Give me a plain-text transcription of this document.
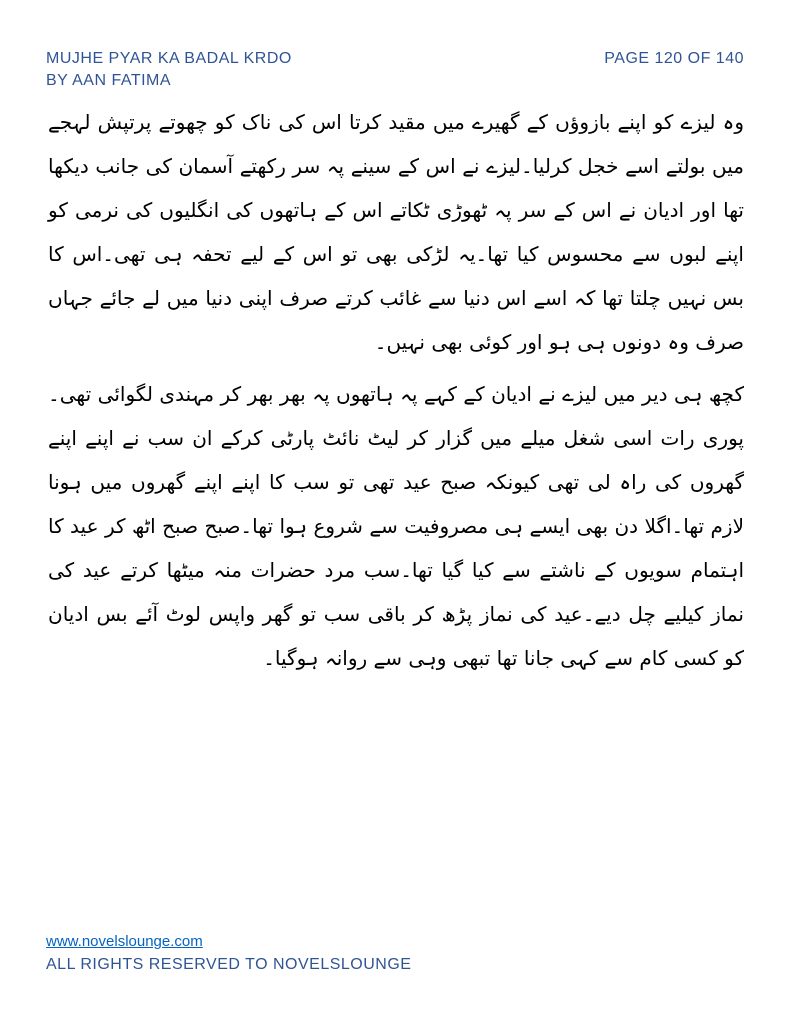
MUJHE PYAR KA BADAL KRDO
BY AAN FATIMA
PAGE 120 OF 140

وہ لیزے کو اپنے بازوؤں کے گھیرے میں مقید کرتا اس کی ناک کو چھوتے پرتپش لہجے میں بولتے اسے خجل کرلیا۔لیزے نے اس کے سینے پہ سر رکھتے آسمان کی جانب دیکھا تھا اور ادیان نے اس کے سر پہ ٹھوڑی ٹکاتے اس کے ہاتھوں کی انگلیوں کی نرمی کو اپنے لبوں سے محسوس کیا تھا۔یہ لڑکی بھی تو اس کے لیے تحفہ ہی تھی۔اس کا بس نہیں چلتا تھا کہ اسے اس دنیا سے غائب کرتے صرف اپنی دنیا میں لے جائے جہاں صرف وہ دونوں ہی ہو اور کوئی بھی نہیں۔

کچھ ہی دیر میں لیزے نے ادیان کے کہے پہ ہاتھوں پہ بھر بھر کر مہندی لگوائی تھی۔پوری رات اسی شغل میلے میں گزار کر لیٹ نائٹ پارٹی کرکے ان سب نے اپنے اپنے گھروں کی راہ لی تھی کیونکہ صبح عید تھی تو سب کا اپنے اپنے گھروں میں ہونا لازم تھا۔اگلا دن بھی ایسے ہی مصروفیت سے شروع ہوا تھا۔صبح صبح اٹھ کر عید کا اہتمام سویوں کے ناشتے سے کیا گیا تھا۔سب مرد حضرات منہ میٹھا کرتے عید کی نماز کیلیے چل دیے۔عید کی نماز پڑھ کر باقی سب تو گھر واپس لوٹ آئے بس ادیان کو کسی کام سے کہی جانا تھا تبھی وہی سے روانہ ہوگیا۔

www.novelslounge.com
ALL RIGHTS RESERVED TO NOVELSLOUNGE
